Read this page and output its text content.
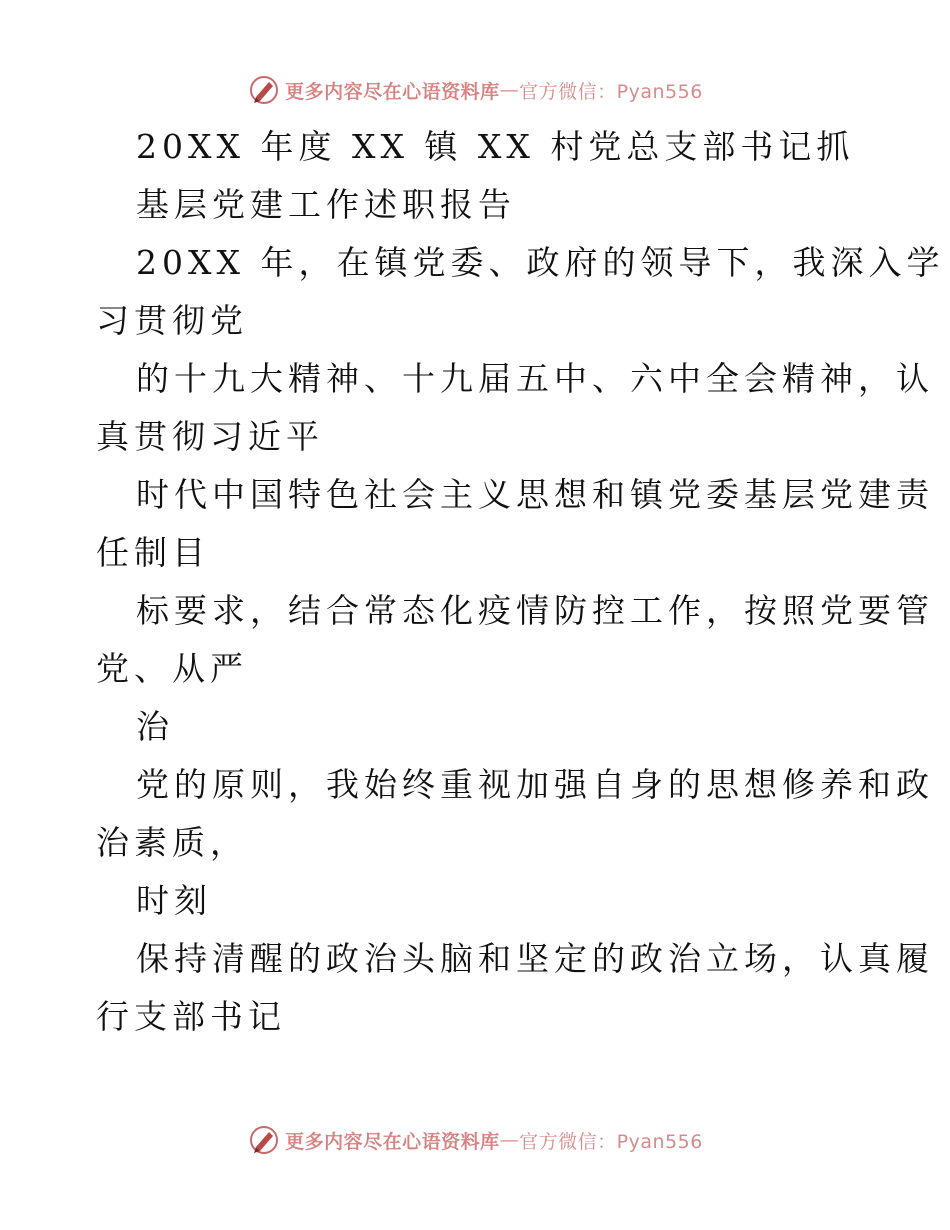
更多内容尽在心语资料库 — 官方微信：Pyan556
20XX 年度 XX 镇 XX 村党总支部书记抓
基层党建工作述职报告
20XX 年，在镇党委、政府的领导下，我深入学
习贯彻党
的十九大精神、十九届五中、六中全会精神，认
真贯彻习近平
时代中国特色社会主义思想和镇党委基层党建责
任制目
标要求，结合常态化疫情防控工作，按照党要管
党、从严
治
党的原则，我始终重视加强自身的思想修养和政
治素质，
时刻
保持清醒的政治头脑和坚定的政治立场，认真履
行支部书记
更多内容尽在心语资料库 — 官方微信：Pyan556
